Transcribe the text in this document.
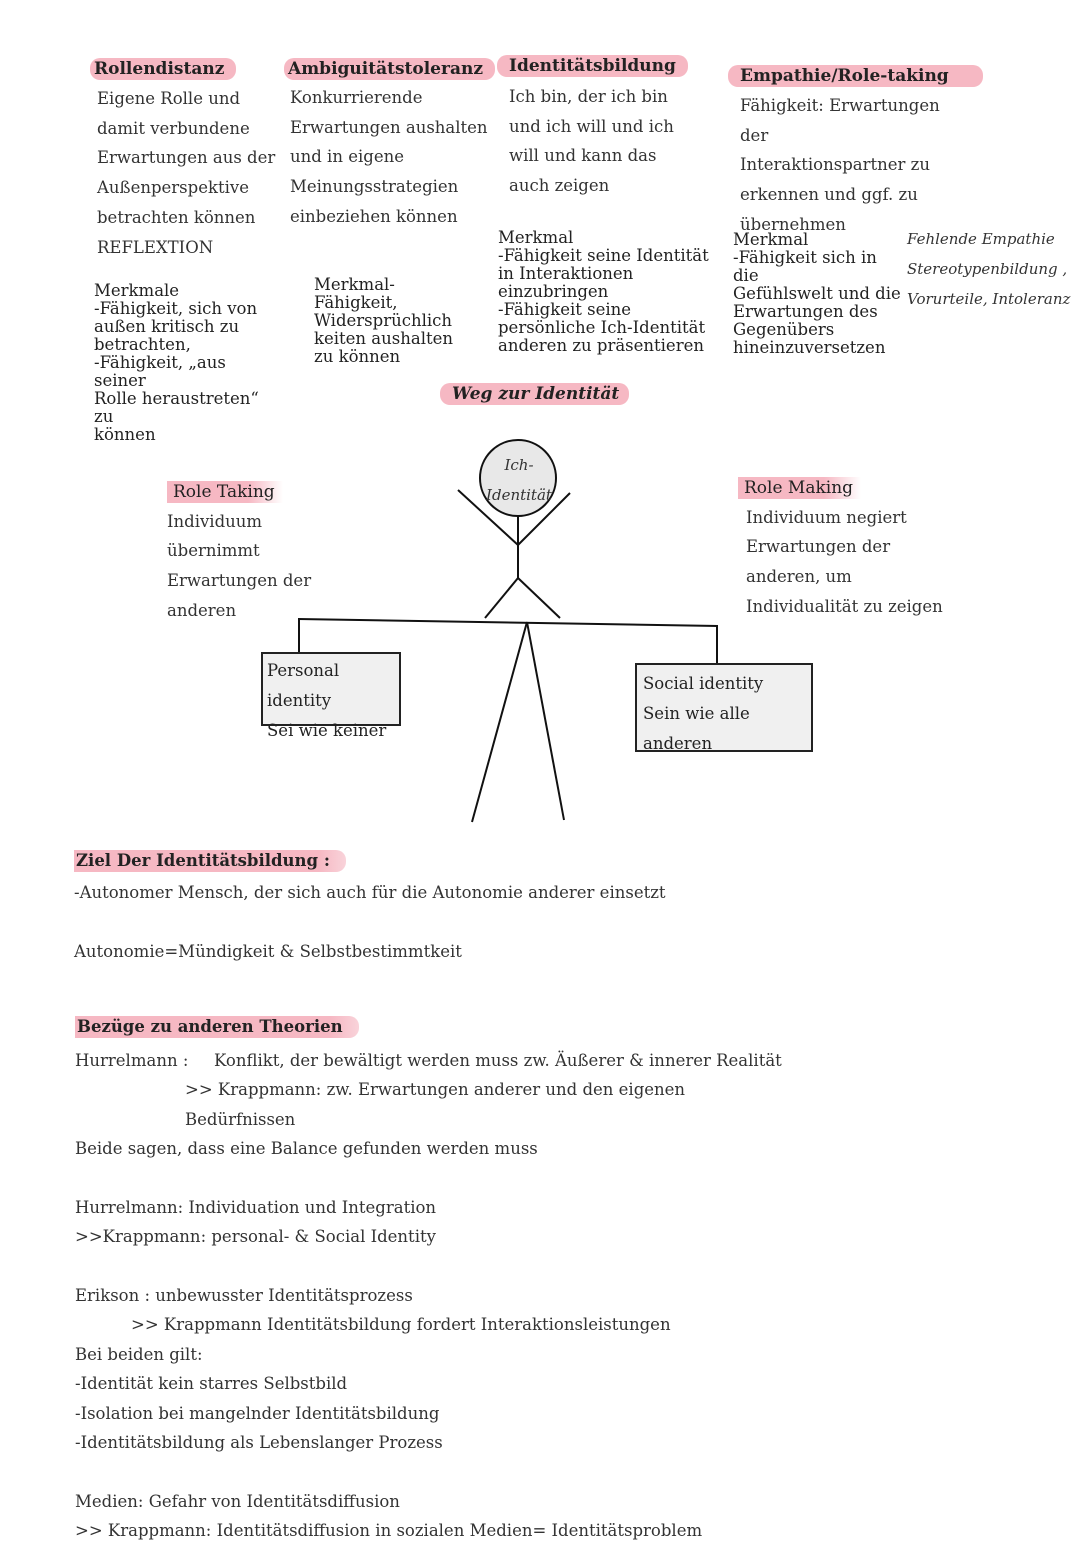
Rollendistanz

Eigene Rolle und

damit verbundene

Erwartungen aus der

Außenperspektive

betrachten können

REFLEXTION

Merkmale

-Fähigkeit, sich von

außen kritisch zu

betrachten,

-Fähigkeit, „aus seiner

Rolle heraustreten“ zu

können

Ambiguitätstoleranz

Konkurrierende

Erwartungen aushalten

und in eigene

Meinungsstrategien

einbeziehen können

Merkmal-

Fähigkeit,

Widersprüchlich

keiten aushalten

zu können

Identitätsbildung

Ich bin, der ich bin

und ich will und ich

will und kann das

auch zeigen

Merkmal

-Fähigkeit seine Identität

in Interaktionen

einzubringen

-Fähigkeit seine

persönliche Ich-Identität

anderen zu präsentieren

Empathie/Role-taking

Fähigkeit: Erwartungen der

Interaktionspartner zu

erkennen und ggf. zu

übernehmen

Merkmal

-Fähigkeit sich in die

Gefühlswelt und die

Erwartungen des

Gegenübers

hineinzuversetzen

Fehlende Empathie

Stereotypenbildung ,

Vorurteile, Intoleranz

Weg zur Identität
Ich-
Identität

Role Taking

Individuum

übernimmt

Erwartungen der

anderen

Role Making

Individuum negiert

Erwartungen der

anderen, um

Individualität zu zeigen

Personal identity
Sei wie keiner
Social identity
Sein wie alle anderen

Ziel Der Identitätsbildung :

-Autonomer Mensch, der sich auch für die Autonomie anderer einsetzt

Autonomie=Mündigkeit & Selbstbestimmtkeit

Bezüge zu anderen Theorien

Hurrelmann : Konflikt, der bewältigt werden muss zw. Äußerer & innerer Realität

>> Krappmann: zw. Erwartungen anderer und den eigenen Bedürfnissen

Beide sagen, dass eine Balance gefunden werden muss

Hurrelmann: Individuation und Integration

>>Krappmann: personal- & Social Identity

Erikson : unbewusster Identitätsprozess

>> Krappmann Identitätsbildung fordert Interaktionsleistungen

Bei beiden gilt:

-Identität kein starres Selbstbild

-Isolation bei mangelnder Identitätsbildung

-Identitätsbildung als Lebenslanger Prozess

Medien: Gefahr von Identitätsdiffusion

>> Krappmann: Identitätsdiffusion in sozialen Medien= Identitätsproblem
